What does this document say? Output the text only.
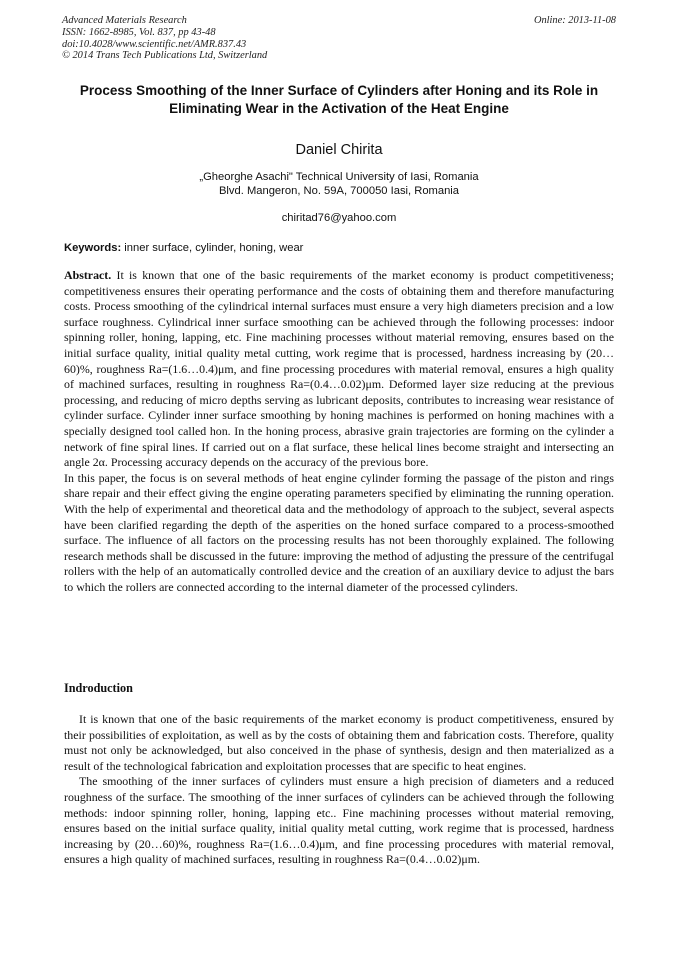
Advanced Materials Research
ISSN: 1662-8985, Vol. 837, pp 43-48
doi:10.4028/www.scientific.net/AMR.837.43
© 2014 Trans Tech Publications Ltd, Switzerland
Online: 2013-11-08
Process Smoothing of the Inner Surface of Cylinders after Honing and its Role in Eliminating Wear in the Activation of the Heat Engine
Daniel Chirita
„Gheorghe Asachi" Technical University of Iasi, Romania
Blvd. Mangeron, No. 59A, 700050 Iasi, Romania
chiritad76@yahoo.com
Keywords: inner surface, cylinder, honing, wear

Abstract. It is known that one of the basic requirements of the market economy is product competitiveness; competitiveness ensures their operating performance and the costs of obtaining them and therefore manufacturing costs. Process smoothing of the cylindrical internal surfaces must ensure a very high diameters precision and a low surface roughness. Cylindrical inner surface smoothing can be achieved through the following processes: indoor spinning roller, honing, lapping, etc. Fine machining processes without material removing, ensures based on the initial surface quality, initial quality metal cutting, work regime that is processed, hardness increasing by (20…60)%, roughness Ra=(1.6…0.4)μm, and fine processing procedures with material removal, ensures a high quality of machined surfaces, resulting in roughness Ra=(0.4…0.02)μm. Deformed layer size reducing at the previous processing, and reducing of micro depths serving as lubricant deposits, contributes to increasing wear resistance of cylinder surface. Cylinder inner surface smoothing by honing machines is performed on honing machines with a specially designed tool called hon. In the honing process, abrasive grain trajectories are forming on the cylinder a network of fine spiral lines. If carried out on a flat surface, these helical lines become straight and intersecting an angle 2α. Processing accuracy depends on the accuracy of the previous bore.

In this paper, the focus is on several methods of heat engine cylinder forming the passage of the piston and rings share repair and their effect giving the engine operating parameters specified by eliminating the running operation. With the help of experimental and theoretical data and the methodology of approach to the subject, several aspects have been clarified regarding the depth of the asperities on the honed surface compared to a process-smoothed surface. The influence of all factors on the processing results has not been thoroughly explained. The following research methods shall be discussed in the future: improving the method of adjusting the pressure of the centrifugal rollers with the help of an automatically controlled device and the creation of an auxiliary device to adjust the bars to which the rollers are connected according to the internal diameter of the processed cylinders.

Indroduction

It is known that one of the basic requirements of the market economy is product competitiveness, ensured by their possibilities of exploitation, as well as by the costs of obtaining them and fabrication costs. Therefore, quality must not only be acknowledged, but also conceived in the phase of synthesis, design and then materialized as a result of the technological fabrication and exploitation processes that are specific to heat engines.

The smoothing of the inner surfaces of cylinders must ensure a high precision of diameters and a reduced roughness of the surface. The smoothing of the inner surfaces of cylinders can be achieved through the following methods: indoor spinning roller, honing, lapping etc.. Fine machining processes without material removing, ensures based on the initial surface quality, initial quality metal cutting, work regime that is processed, hardness increasing by (20…60)%, roughness Ra=(1.6…0.4)μm, and fine processing procedures with material removal, ensures a high quality of machined surfaces, resulting in roughness Ra=(0.4…0.02)μm.
